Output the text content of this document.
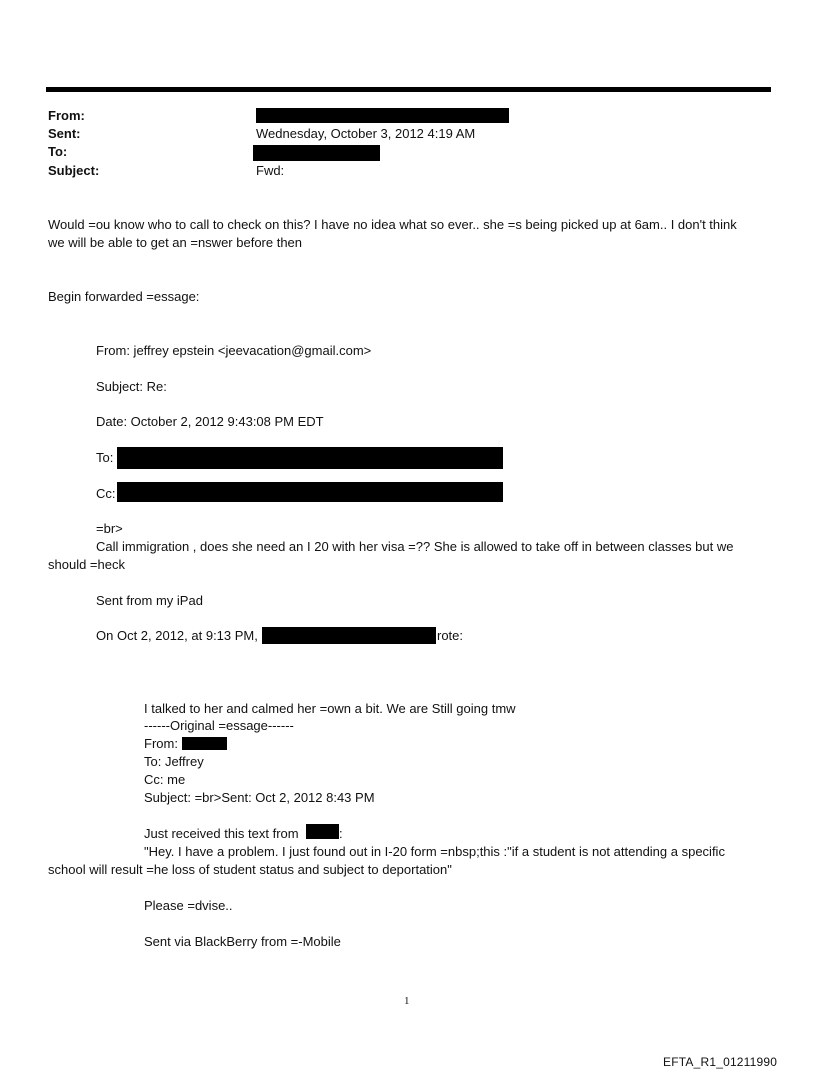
From:
Sent:
To:
Subject:
Wednesday, October 3, 2012 4:19 AM
Fwd:
Would =ou know who to call to check on this? I have no idea what so ever.. she =s being picked up at 6am.. I don't think
we will be able to get an =nswer before then
Begin forwarded =essage:
From: jeffrey epstein <jeevacation@gmail.com>
Subject: Re:
Date: October 2, 2012 9:43:08 PM EDT
To:
Cc:
=br>
Call immigration , does she need an I 20 with her visa =?? She is allowed to take off in between classes but we
should =heck
Sent from my iPad
On Oct 2, 2012, at 9:13 PM,	rote:
I talked to her and calmed her =own a bit. We are Still going tmw
------Original =essage------
From:
To: Jeffrey
Cc: me
Subject: =br>Sent: Oct 2, 2012 8:43 PM
Just received this text from	:
"Hey. I have a problem. I just found out in I-20 form =nbsp;this :"if a student is not attending a specific
school will result =he loss of student status and subject to deportation"
Please =dvise..
Sent via BlackBerry from =-Mobile
1
EFTA_R1_01211990
